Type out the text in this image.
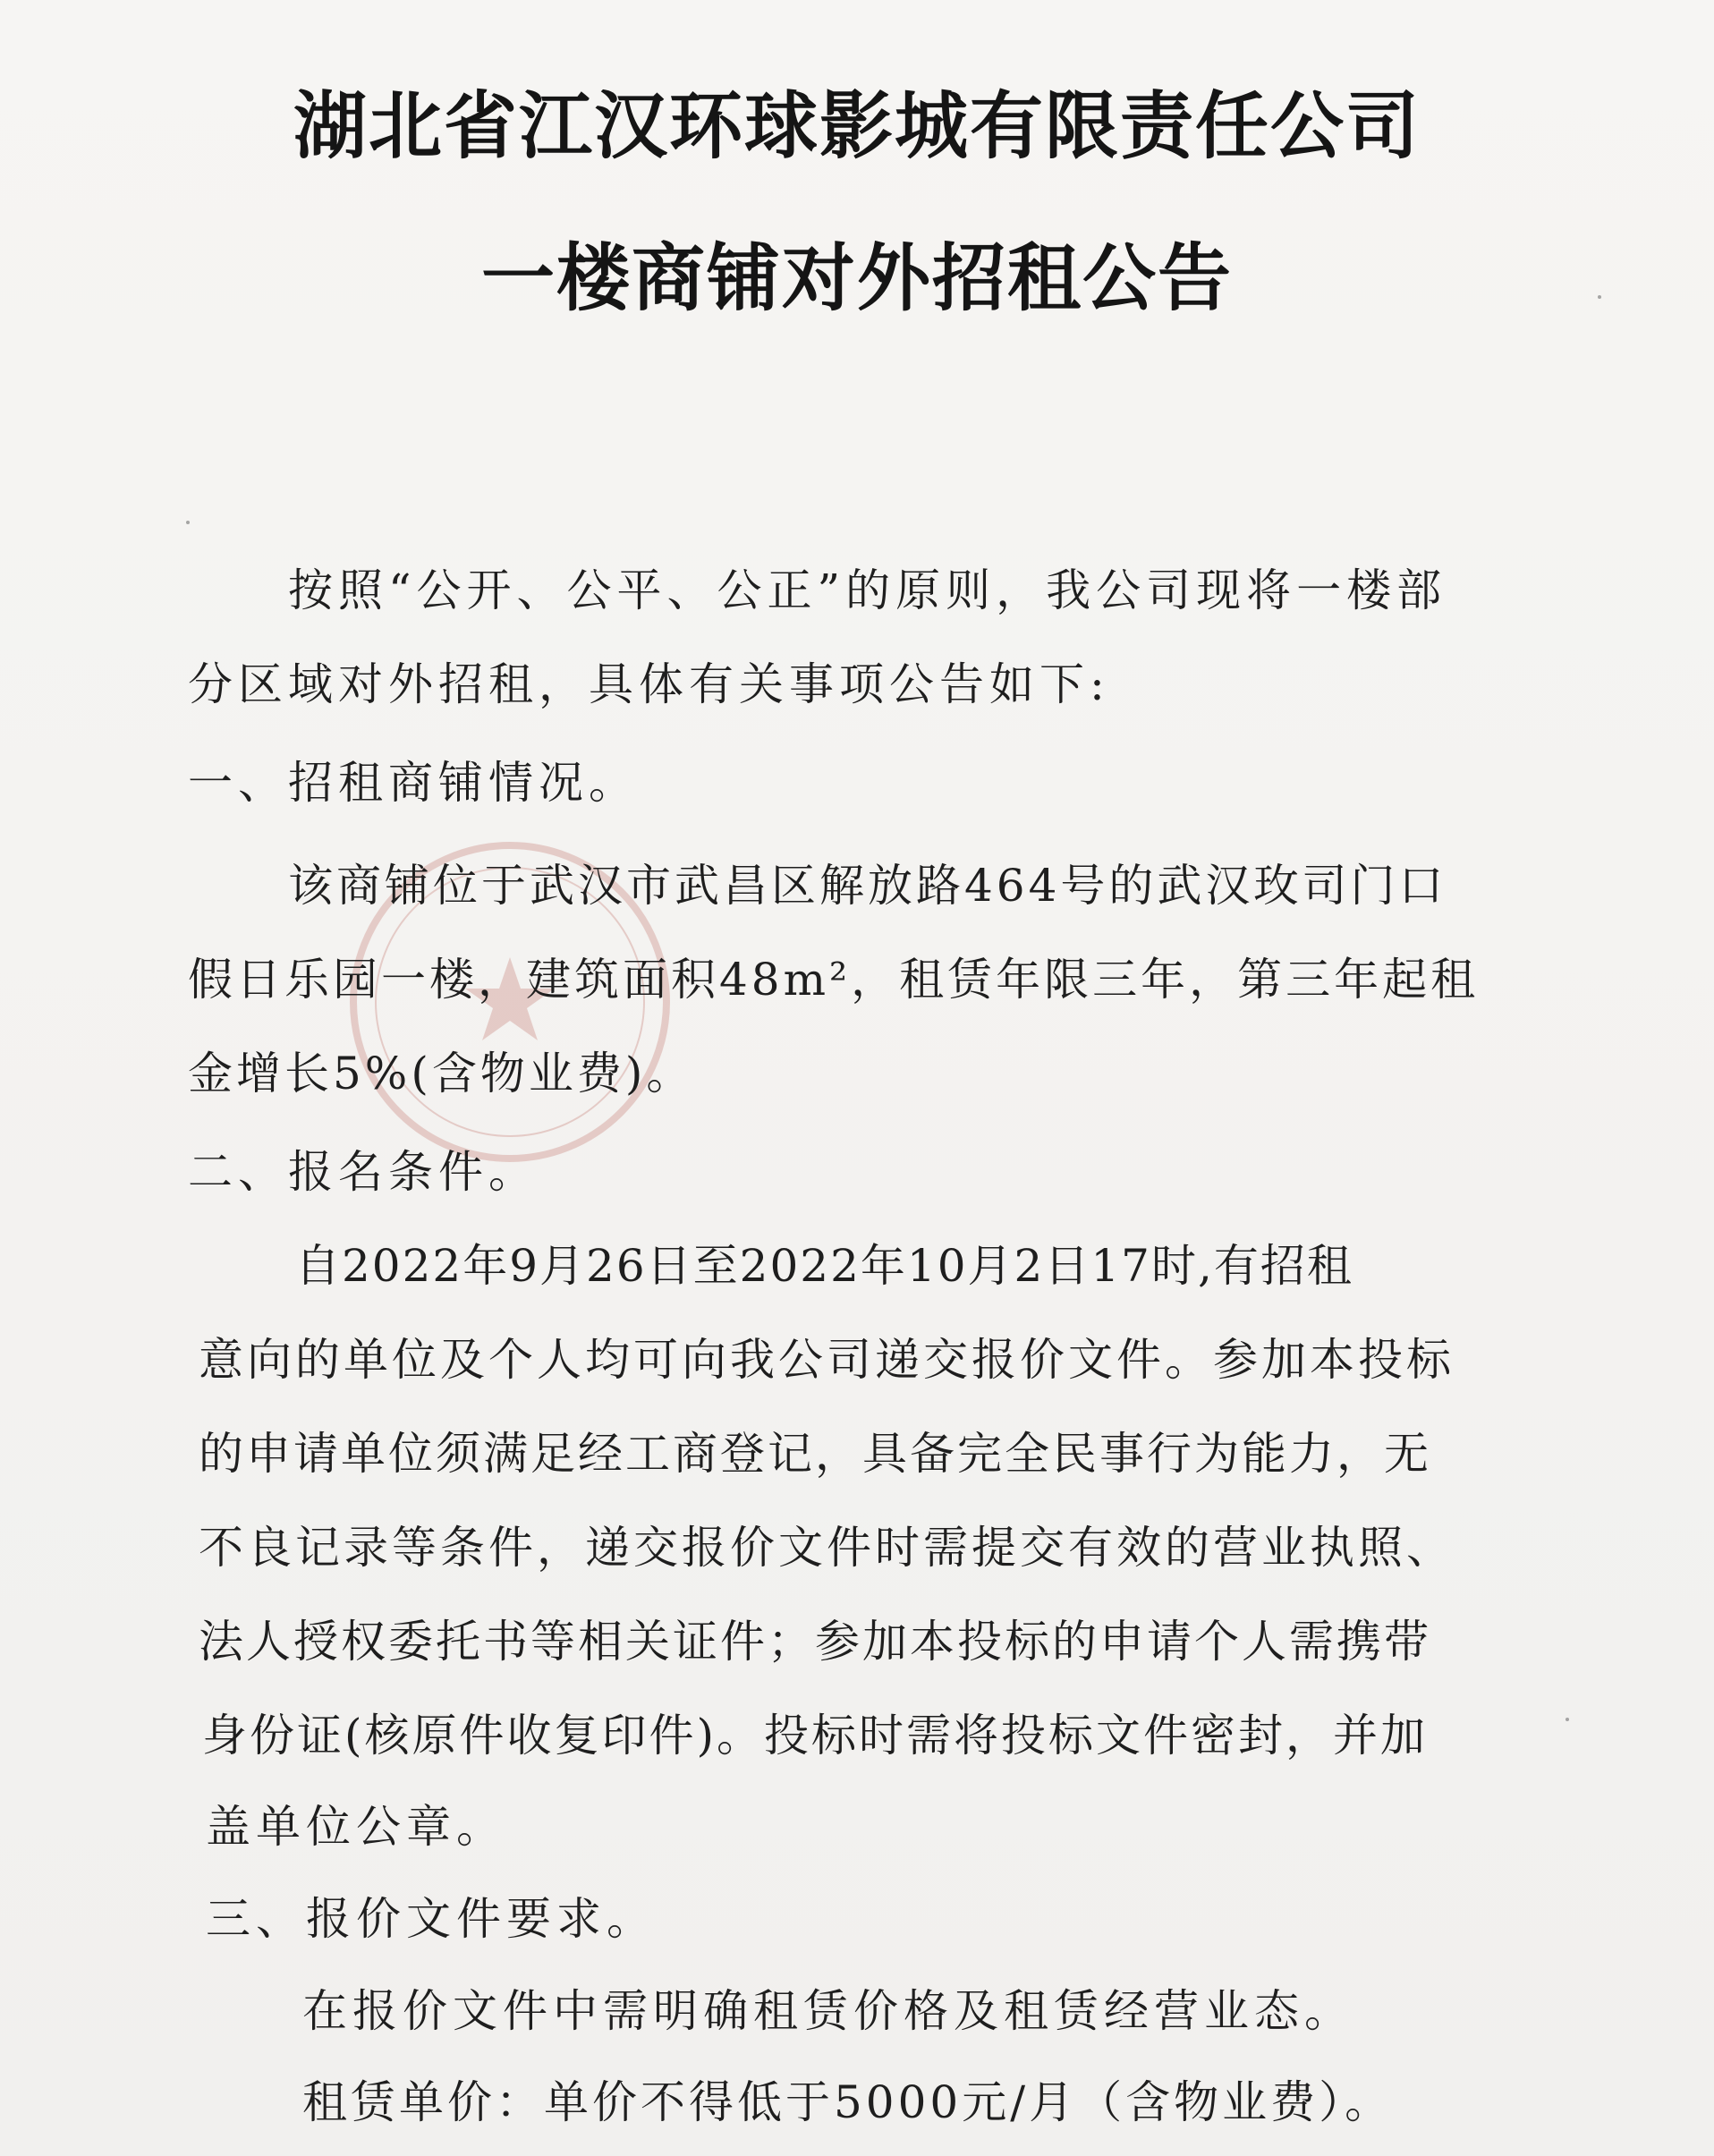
湖北省江汉环球影城有限责任公司
一楼商铺对外招租公告
按照“公开、公平、公正”的原则，我公司现将一楼部
分区域对外招租，具体有关事项公告如下:
一、招租商铺情况。
该商铺位于武汉市武昌区解放路464号的武汉玫司门口
假日乐园一楼，建筑面积48m²，租赁年限三年，第三年起租
金增长5%(含物业费)。
二、报名条件。
自2022年9月26日至2022年10月2日17时,有招租
意向的单位及个人均可向我公司递交报价文件。参加本投标
的申请单位须满足经工商登记，具备完全民事行为能力，无
不良记录等条件，递交报价文件时需提交有效的营业执照、
法人授权委托书等相关证件；参加本投标的申请个人需携带
身份证(核原件收复印件)。投标时需将投标文件密封，并加
盖单位公章。
三、报价文件要求。
在报价文件中需明确租赁价格及租赁经营业态。
租赁单价：单价不得低于5000元/月（含物业费）。
